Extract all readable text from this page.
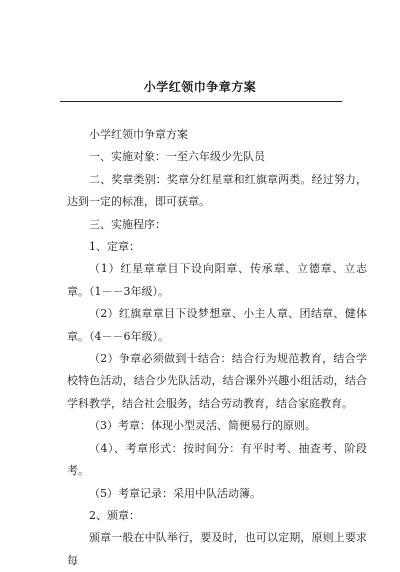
小学红领巾争章方案

小学红领巾争章方案

一、实施对象：一至六年级少先队员

二、奖章类别：奖章分红星章和红旗章两类。经过努力，达到一定的标准，即可获章。

三、实施程序：

1、定章：

（1）红星章章目下设向阳章、传承章、立德章、立志章。（1－－3年级）。

（2）红旗章章目下设梦想章、小主人章、团结章、健体章。（4－－6年级）。

（2）争章必须做到十结合：结合行为规范教育，结合学校特色活动，结合少先队活动，结合课外兴趣小组活动，结合学科教学，结合社会服务，结合劳动教育，结合家庭教育。

（3）考章：体现小型灵活、简便易行的原则。

（4）、考章形式：按时间分：有平时考、抽查考、阶段考。

（5）考章记录：采用中队活动簿。

2、颁章：

颁章一般在中队举行，要及时，也可以定期，原则上要求每
